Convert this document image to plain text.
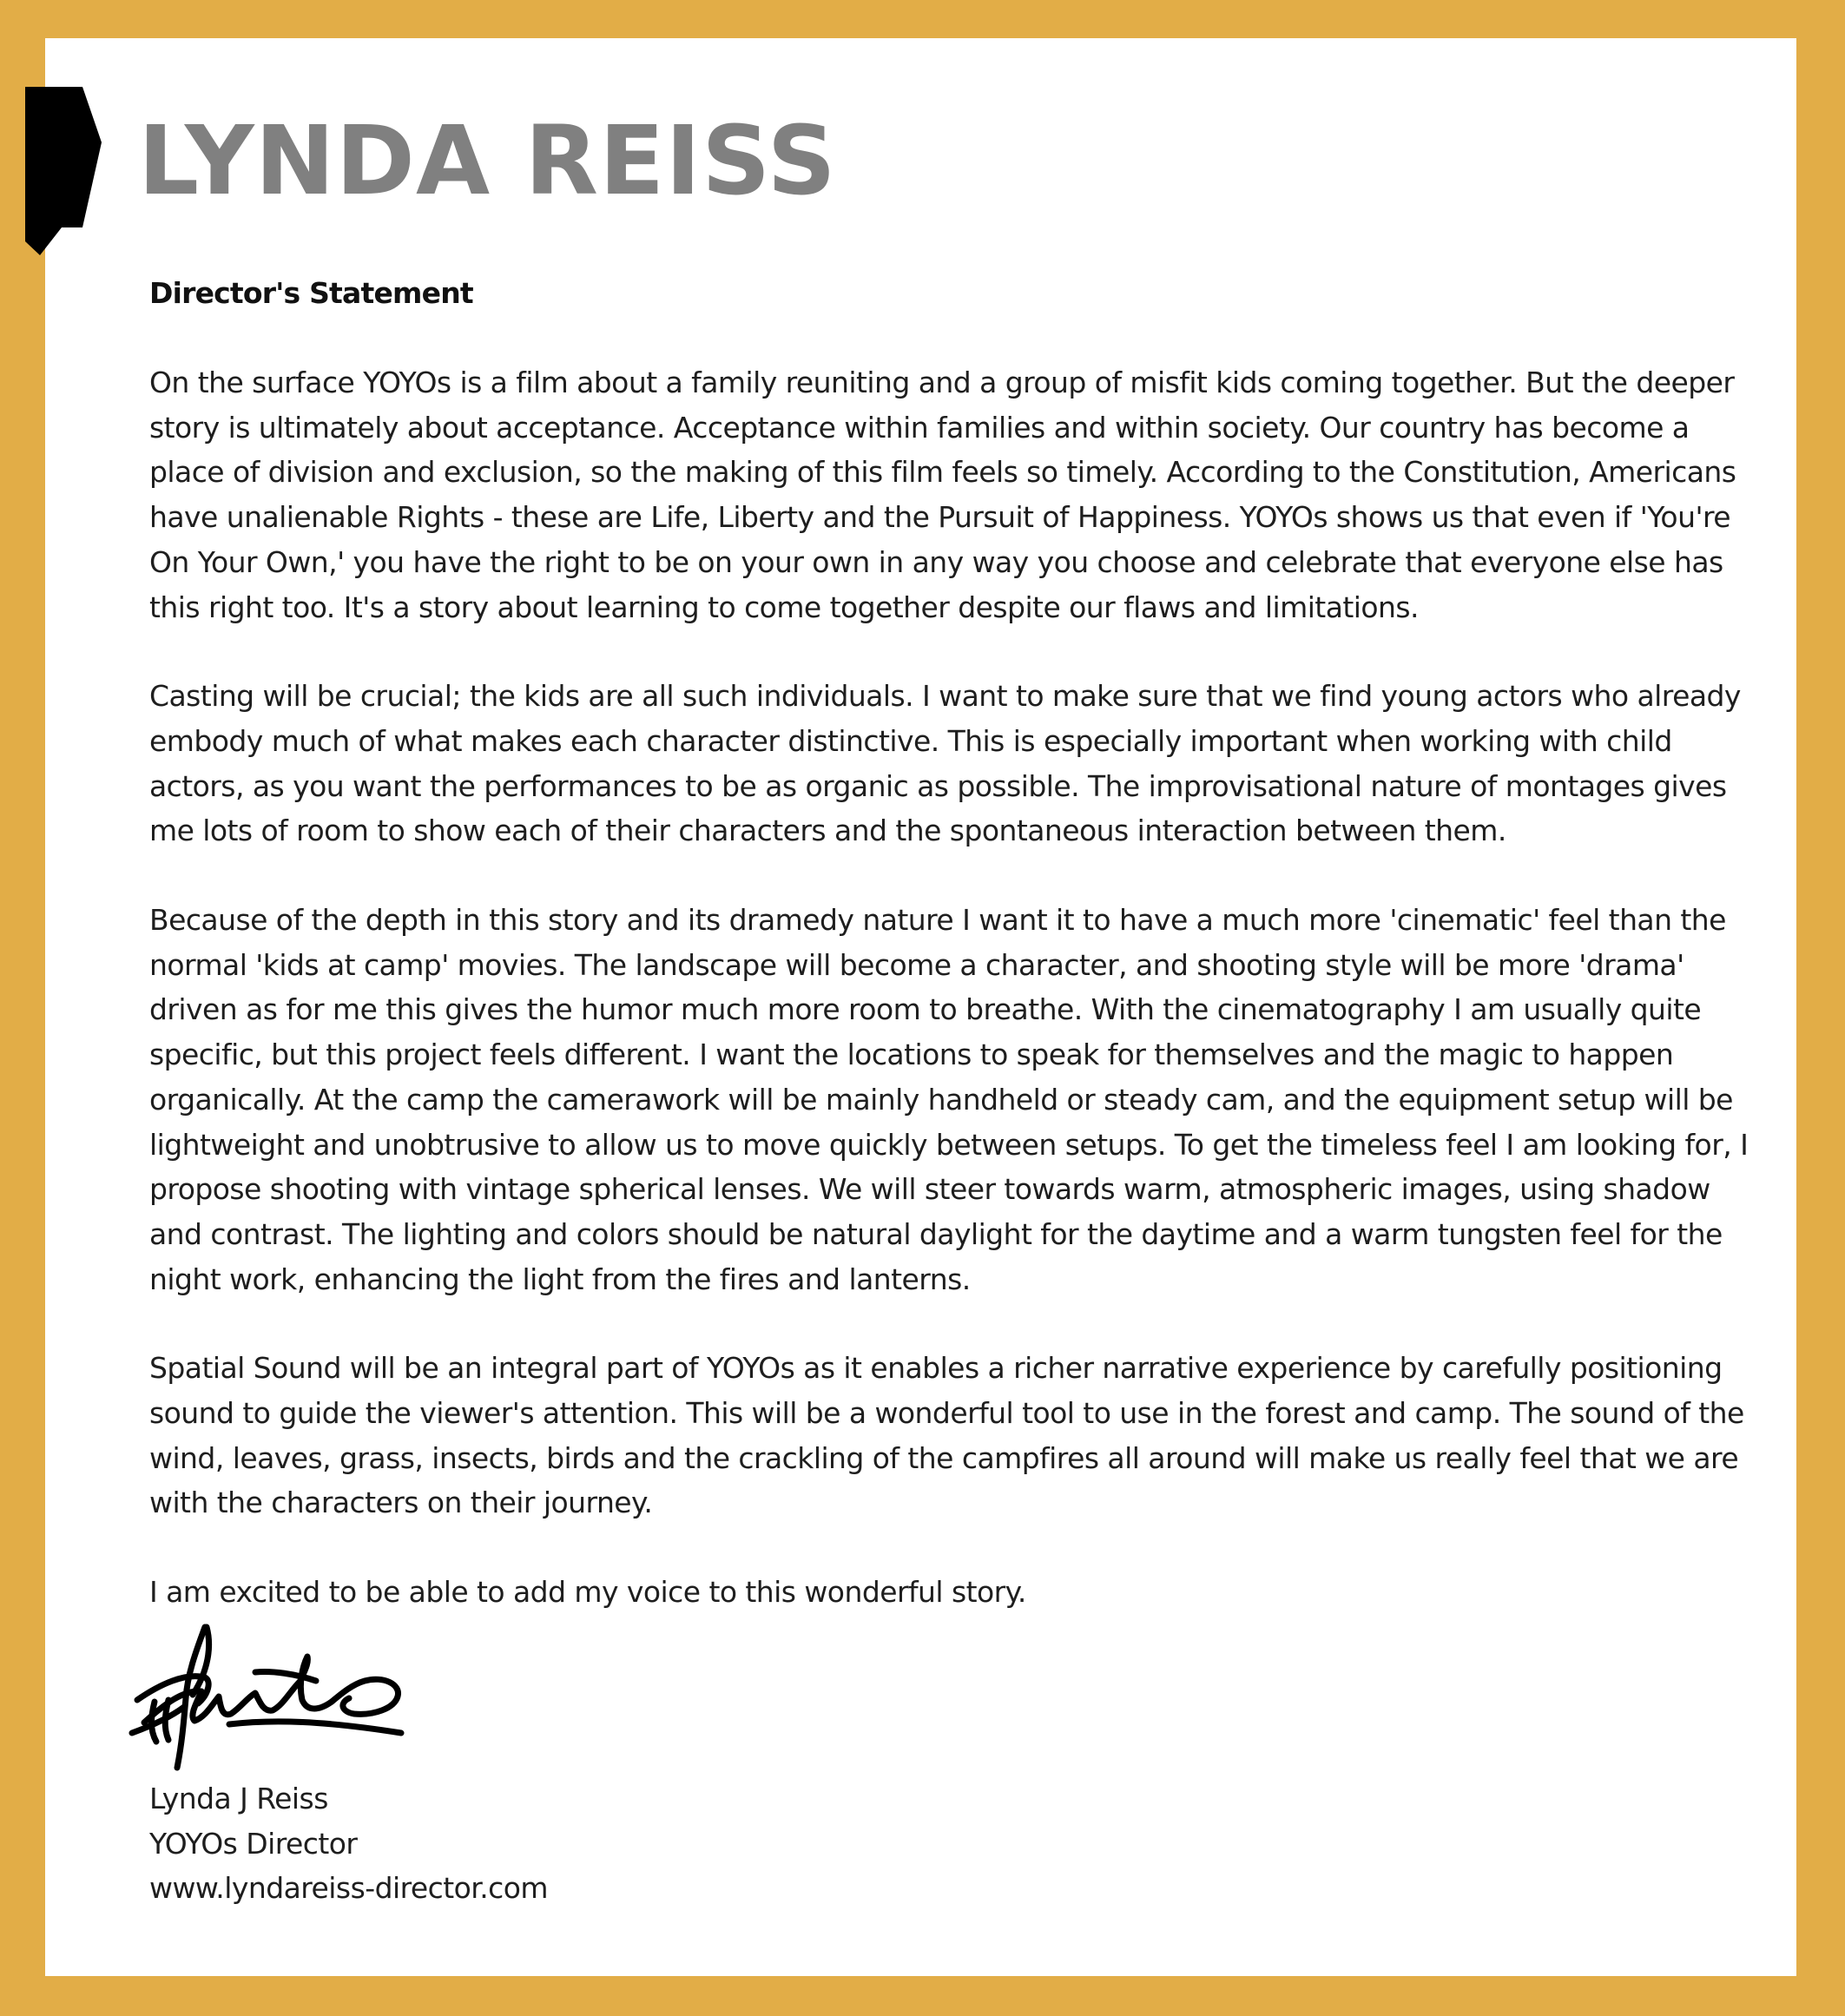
LYNDA REISS
Director's Statement

On the surface YOYOs is a film about a family reuniting and a group of misfit kids coming together. But the deeper story is ultimately about acceptance. Acceptance within families and within society. Our country has become a place of division and exclusion, so the making of this film feels so timely. According to the Constitution, Americans have unalienable Rights - these are Life, Liberty and the Pursuit of Happiness. YOYOs shows us that even if 'You're On Your Own,' you have the right to be on your own in any way you choose and celebrate that everyone else has this right too. It's a story about learning to come together despite our flaws and limitations.

Casting will be crucial; the kids are all such individuals. I want to make sure that we find young actors who already embody much of what makes each character distinctive. This is especially important when working with child actors, as you want the performances to be as organic as possible. The improvisational nature of montages gives me lots of room to show each of their characters and the spontaneous interaction between them.

Because of the depth in this story and its dramedy nature I want it to have a much more 'cinematic' feel than the normal 'kids at camp' movies. The landscape will become a character, and shooting style will be more 'drama' driven as for me this gives the humor much more room to breathe. With the cinematography I am usually quite specific, but this project feels different. I want the locations to speak for themselves and the magic to happen organically. At the camp the camerawork will be mainly handheld or steady cam, and the equipment setup will be lightweight and unobtrusive to allow us to move quickly between setups. To get the timeless feel I am looking for, I propose shooting with vintage spherical lenses. We will steer towards warm, atmospheric images, using shadow and contrast. The lighting and colors should be natural daylight for the daytime and a warm tungsten feel for the night work, enhancing the light from the fires and lanterns.

Spatial Sound will be an integral part of YOYOs as it enables a richer narrative experience by carefully positioning sound to guide the viewer's attention. This will be a wonderful tool to use in the forest and camp. The sound of the wind, leaves, grass, insects, birds and the crackling of the campfires all around will make us really feel that we are with the characters on their journey.

I am excited to be able to add my voice to this wonderful story.

Lynda J Reiss
YOYOs Director
www.lyndareiss-director.com
